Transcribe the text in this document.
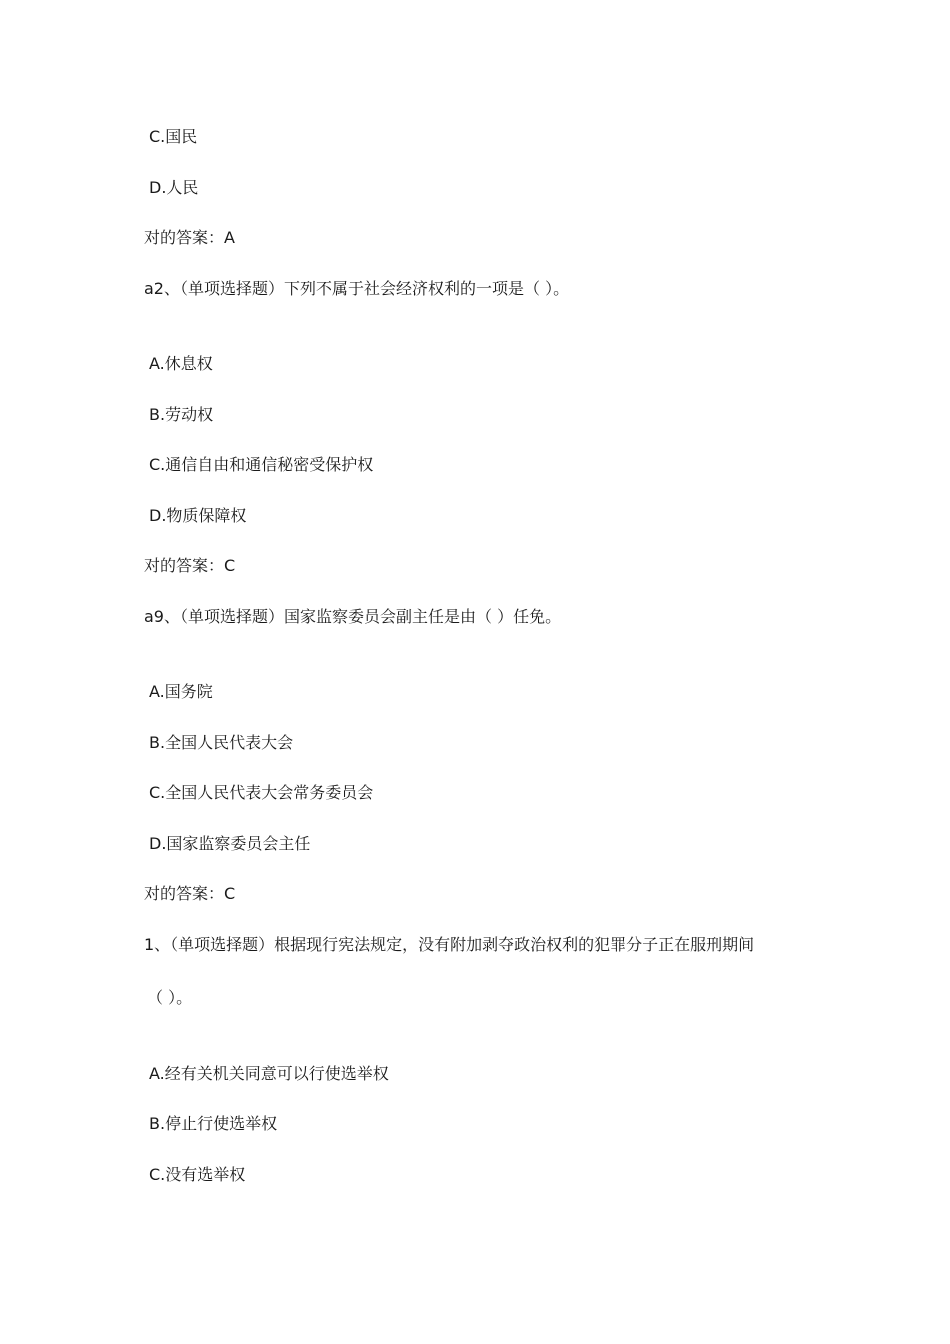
C.国民
D.人民
对的答案：A
a2、（单项选择题）下列不属于社会经济权利的一项是（ ）。
A.休息权
B.劳动权
C.通信自由和通信秘密受保护权
D.物质保障权
对的答案：C
a9、（单项选择题）国家监察委员会副主任是由（ ）任免。
A.国务院
B.全国人民代表大会
C.全国人民代表大会常务委员会
D.国家监察委员会主任
对的答案：C
1、（单项选择题）根据现行宪法规定，没有附加剥夺政治权利的犯罪分子正在服刑期间
（ ）。
A.经有关机关同意可以行使选举权
B.停止行使选举权
C.没有选举权
